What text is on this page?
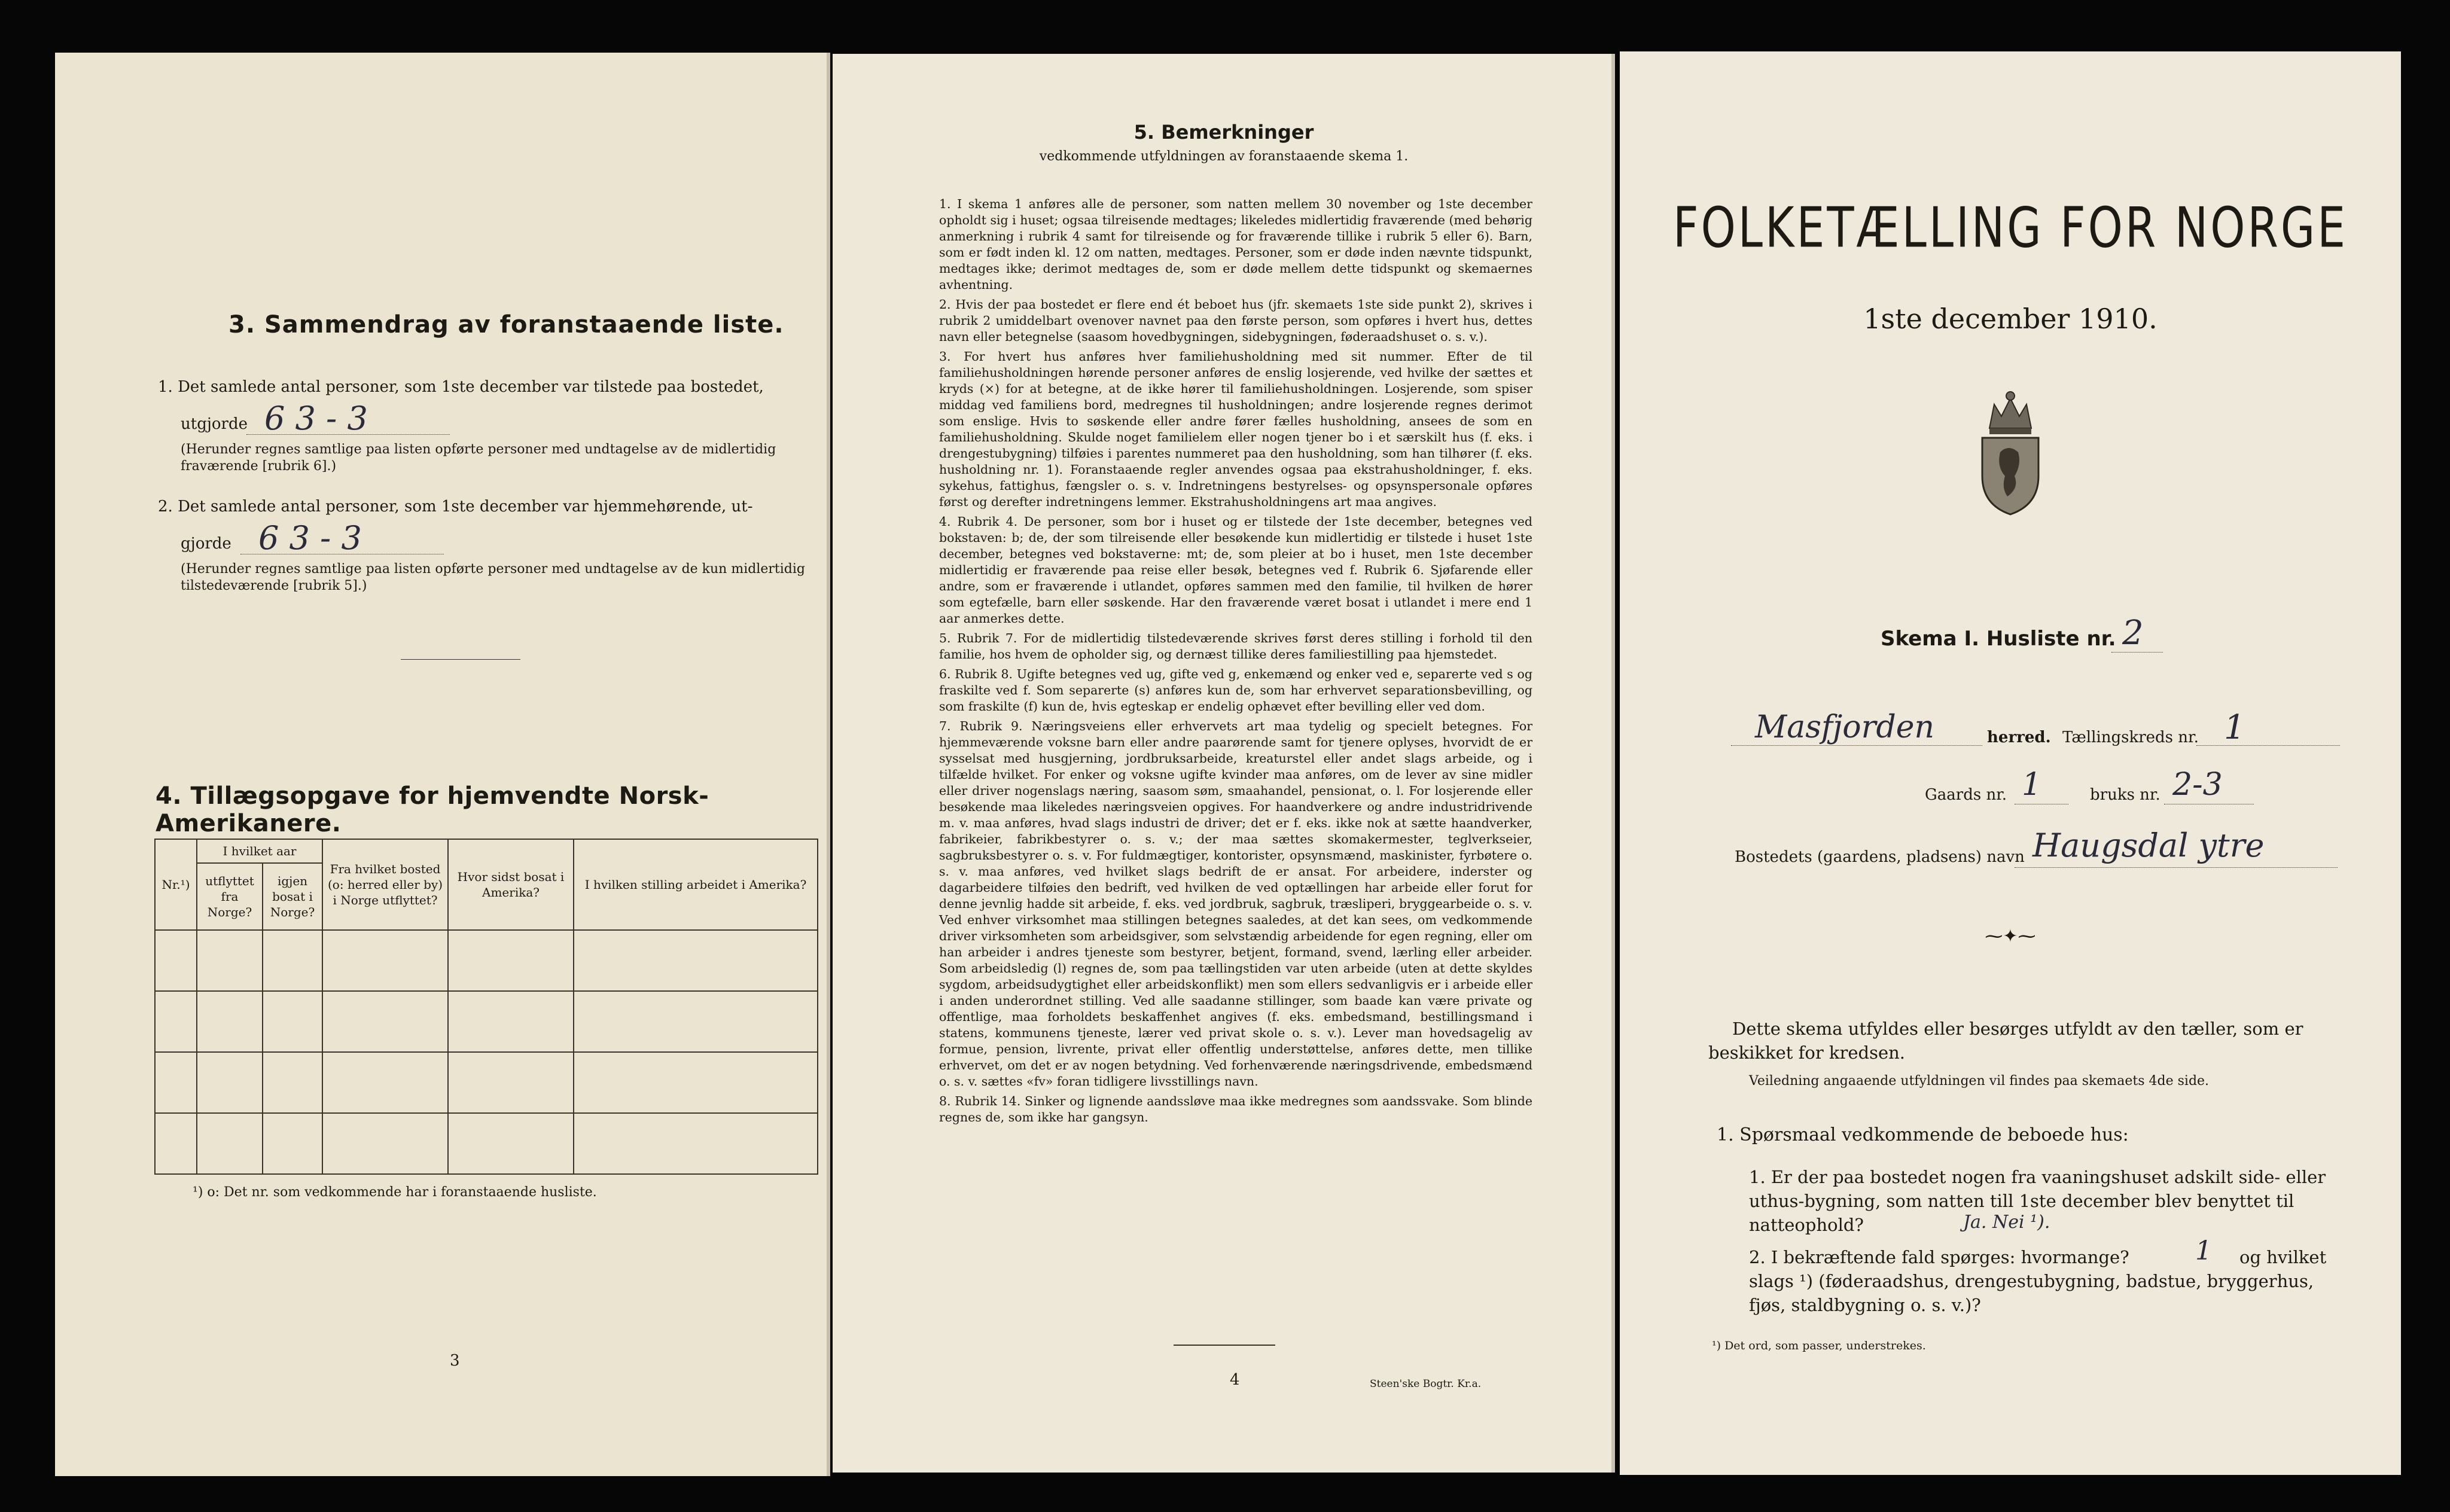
3. Sammendrag av foranstaaende liste.
1. Det samlede antal personer, som 1ste december var tilstede paa bostedet,
utgjorde 6 3 - 3
(Herunder regnes samtlige paa listen opførte personer med undtagelse av de midlertidig fraværende [rubrik 6].)
2. Det samlede antal personer, som 1ste december var hjemmehørende, ut-
gjorde 6 3 - 3
(Herunder regnes samtlige paa listen opførte personer med undtagelse av de kun midlertidig tilstedeværende [rubrik 5].)
4. Tillægsopgave for hjemvendte Norsk-Amerikanere.
Nr.¹)	I hvilket aar		Fra hvilket bosted (o: herred eller by) i Norge utflyttet?	Hvor sidst bosat i Amerika?	I hvilken stilling arbeidet i Amerika?
	utflyttet fra Norge?	igjen bosat i Norge?			

¹) o: Det nr. som vedkommende har i foranstaaende husliste.
3
5. Bemerkninger
vedkommende utfyldningen av foranstaaende skema 1.

1. I skema 1 anføres alle de personer, som natten mellem 30 november og 1ste december opholdt sig i huset; ogsaa tilreisende medtages; likeledes midlertidig fraværende (med behørig anmerkning i rubrik 4 samt for tilreisende og for fraværende tillike i rubrik 5 eller 6). Barn, som er født inden kl. 12 om natten, medtages. Personer, som er døde inden nævnte tidspunkt, medtages ikke; derimot medtages de, som er døde mellem dette tidspunkt og skemaernes avhentning.

2. Hvis der paa bostedet er flere end ét beboet hus (jfr. skemaets 1ste side punkt 2), skrives i rubrik 2 umiddelbart ovenover navnet paa den første person, som opføres i hvert hus, dettes navn eller betegnelse (saasom hovedbygningen, sidebygningen, føderaadshuset o. s. v.).

3. For hvert hus anføres hver familiehusholdning med sit nummer. Efter de til familiehusholdningen hørende personer anføres de enslig losjerende, ved hvilke der sættes et kryds (×) for at betegne, at de ikke hører til familiehusholdningen. Losjerende, som spiser middag ved familiens bord, medregnes til husholdningen; andre losjerende regnes derimot som enslige. Hvis to søskende eller andre fører fælles husholdning, ansees de som en familiehusholdning. Skulde noget familielem eller nogen tjener bo i et særskilt hus (f. eks. i drengestubygning) tilføies i parentes nummeret paa den husholdning, som han tilhører (f. eks. husholdning nr. 1). Foranstaaende regler anvendes ogsaa paa ekstrahusholdninger, f. eks. sykehus, fattighus, fængsler o. s. v. Indretningens bestyrelses- og opsynspersonale opføres først og derefter indretningens lemmer. Ekstrahusholdningens art maa angives.

4. Rubrik 4. De personer, som bor i huset og er tilstede der 1ste december, betegnes ved bokstaven: b; de, der som tilreisende eller besøkende kun midlertidig er tilstede i huset 1ste december, betegnes ved bokstaverne: mt; de, som pleier at bo i huset, men 1ste december midlertidig er fraværende paa reise eller besøk, betegnes ved f. Rubrik 6. Sjøfarende eller andre, som er fraværende i utlandet, opføres sammen med den familie, til hvilken de hører som egtefælle, barn eller søskende. Har den fraværende været bosat i utlandet i mere end 1 aar anmerkes dette.

5. Rubrik 7. For de midlertidig tilstedeværende skrives først deres stilling i forhold til den familie, hos hvem de opholder sig, og dernæst tillike deres familiestilling paa hjemstedet.

6. Rubrik 8. Ugifte betegnes ved ug, gifte ved g, enkemænd og enker ved e, separerte ved s og fraskilte ved f. Som separerte (s) anføres kun de, som har erhvervet separationsbevilling, og som fraskilte (f) kun de, hvis egteskap er endelig ophævet efter bevilling eller ved dom.

7. Rubrik 9. Næringsveiens eller erhvervets art maa tydelig og specielt betegnes. For hjemmeværende voksne barn eller andre paarørende samt for tjenere oplyses, hvorvidt de er sysselsat med husgjerning, jordbruksarbeide, kreaturstel eller andet slags arbeide, og i tilfælde hvilket. For enker og voksne ugifte kvinder maa anføres, om de lever av sine midler eller driver nogenslags næring, saasom søm, smaahandel, pensionat, o. l. For losjerende eller besøkende maa likeledes næringsveien opgives. For haandverkere og andre industridrivende m. v. maa anføres, hvad slags industri de driver; det er f. eks. ikke nok at sætte haandverker, fabrikeier, fabrikbestyrer o. s. v.; der maa sættes skomakermester, teglverkseier, sagbruksbestyrer o. s. v. For fuldmægtiger, kontorister, opsynsmænd, maskinister, fyrbøtere o. s. v. maa anføres, ved hvilket slags bedrift de er ansat. For arbeidere, inderster og dagarbeidere tilføies den bedrift, ved hvilken de ved optællingen har arbeide eller forut for denne jevnlig hadde sit arbeide, f. eks. ved jordbruk, sagbruk, træsliperi, bryggearbeide o. s. v. Ved enhver virksomhet maa stillingen betegnes saaledes, at det kan sees, om vedkommende driver virksomheten som arbeidsgiver, som selvstændig arbeidende for egen regning, eller om han arbeider i andres tjeneste som bestyrer, betjent, formand, svend, lærling eller arbeider. Som arbeidsledig (l) regnes de, som paa tællingstiden var uten arbeide (uten at dette skyldes sygdom, arbeidsudygtighet eller arbeidskonflikt) men som ellers sedvanligvis er i arbeide eller i anden underordnet stilling. Ved alle saadanne stillinger, som baade kan være private og offentlige, maa forholdets beskaffenhet angives (f. eks. embedsmand, bestillingsmand i statens, kommunens tjeneste, lærer ved privat skole o. s. v.). Lever man hovedsagelig av formue, pension, livrente, privat eller offentlig understøttelse, anføres dette, men tillike erhvervet, om det er av nogen betydning. Ved forhenværende næringsdrivende, embedsmænd o. s. v. sættes «fv» foran tidligere livsstillings navn.

8. Rubrik 14. Sinker og lignende aandssløve maa ikke medregnes som aandssvake. Som blinde regnes de, som ikke har gangsyn.

4	Steen'ske Bogtr. Kr.a.
FOLKETÆLLING FOR NORGE
1ste december 1910.
Skema I. Husliste nr. 2
Masfjorden	herred. Tællingskreds nr. 1
Gaards nr. 1	bruks nr. 2-3
Bostedets (gaardens, pladsens) navn Haugsdal ytre
⁓✦⁓
Dette skema utfyldes eller besørges utfyldt av den tæller, som er beskikket for kredsen.
Veiledning angaaende utfyldningen vil findes paa skemaets 4de side.
1. Spørsmaal vedkommende de beboede hus:
1. Er der paa bostedet nogen fra vaaningshuset adskilt side- eller uthus-bygning, som natten till 1ste december blev benyttet til natteophold?	Ja. Nei ¹).
2. I bekræftende fald spørges: hvormange?	1	og hvilket slags ¹) (føderaadshus, drengestubygning, badstue, bryggerhus, fjøs, staldbygning o. s. v.)?
¹) Det ord, som passer, understrekes.
